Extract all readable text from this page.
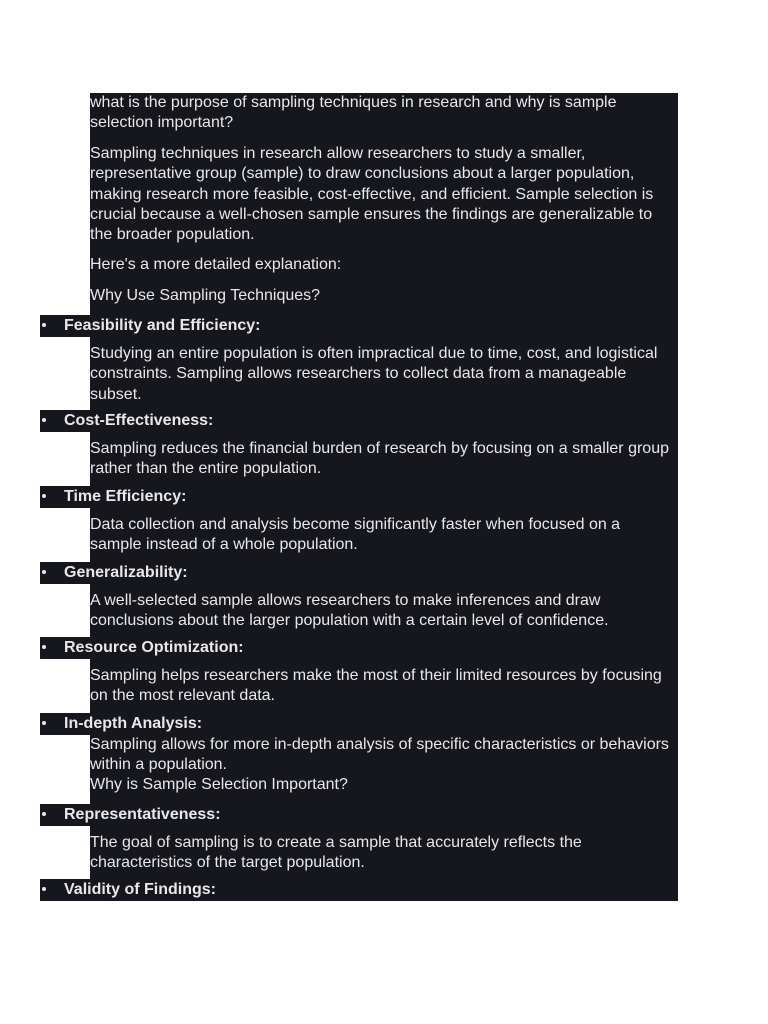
what is the purpose of sampling techniques in research and why is sample selection important?

Sampling techniques in research allow researchers to study a smaller, representative group (sample) to draw conclusions about a larger population, making research more feasible, cost-effective, and efficient. Sample selection is crucial because a well-chosen sample ensures the findings are generalizable to the broader population.

Here's a more detailed explanation:

Why Use Sampling Techniques?

Feasibility and Efficiency:

Studying an entire population is often impractical due to time, cost, and logistical constraints. Sampling allows researchers to collect data from a manageable subset.

Cost-Effectiveness:

Sampling reduces the financial burden of research by focusing on a smaller group rather than the entire population.

Time Efficiency:

Data collection and analysis become significantly faster when focused on a sample instead of a whole population.

Generalizability:

A well-selected sample allows researchers to make inferences and draw conclusions about the larger population with a certain level of confidence.

Resource Optimization:

Sampling helps researchers make the most of their limited resources by focusing on the most relevant data.

In-depth Analysis:

Sampling allows for more in-depth analysis of specific characteristics or behaviors within a population.

Why is Sample Selection Important?

Representativeness:

The goal of sampling is to create a sample that accurately reflects the characteristics of the target population.

Validity of Findings:
